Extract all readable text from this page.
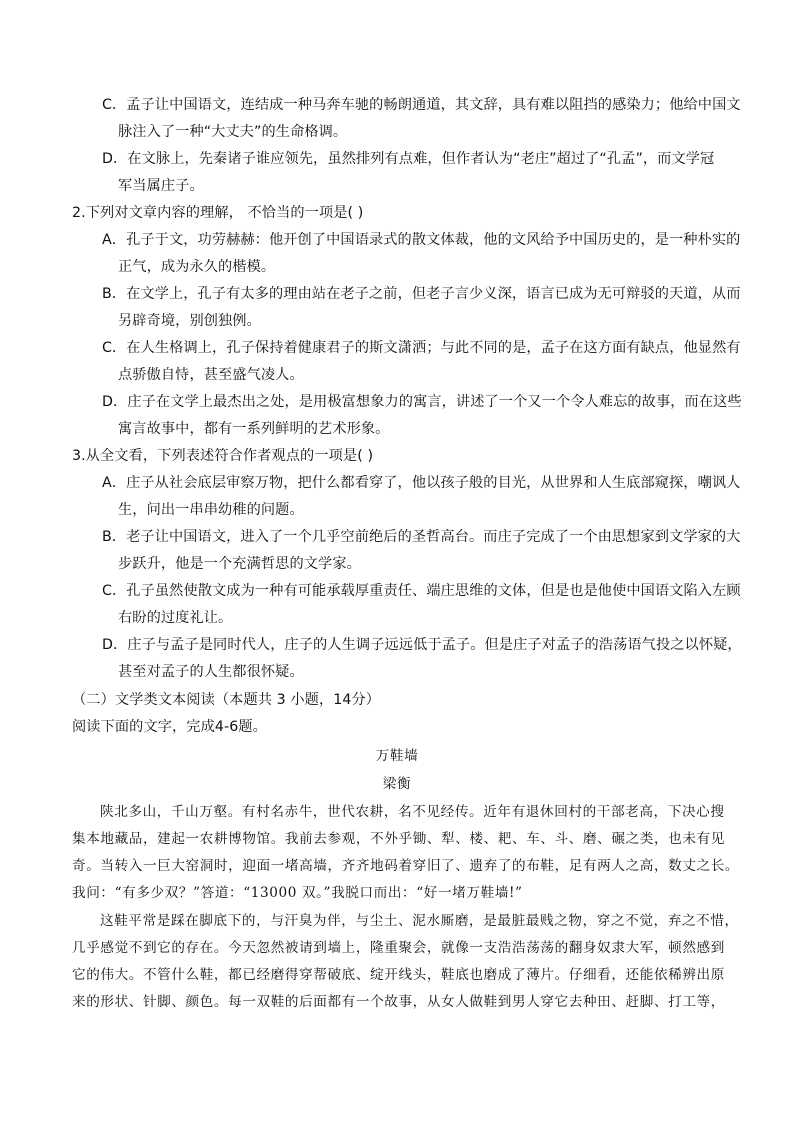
C．孟子让中国语文，连结成一种马奔车驰的畅朗通道，其文辞，具有难以阻挡的感染力；他给中国文
脉注入了一种“大丈夫”的生命格调。
D．在文脉上，先秦诸子谁应领先，虽然排列有点难，但作者认为“老庄”超过了“孔孟”，而文学冠
军当属庄子。
2.下列对文章内容的理解， 不恰当的一项是( )
A．孔子于文，功劳赫赫：他开创了中国语录式的散文体裁，他的文风给予中国历史的，是一种朴实的
正气，成为永久的楷模。
B．在文学上，孔子有太多的理由站在老子之前，但老子言少义深，语言已成为无可辩驳的天道，从而
另辟奇境，别创独例。
C．在人生格调上，孔子保持着健康君子的斯文潇洒；与此不同的是，孟子在这方面有缺点，他显然有
点骄傲自恃，甚至盛气凌人。
D．庄子在文学上最杰出之处，是用极富想象力的寓言，讲述了一个又一个令人难忘的故事，而在这些
寓言故事中，都有一系列鲜明的艺术形象。
3.从全文看，下列表述符合作者观点的一项是( )
A．庄子从社会底层审察万物，把什么都看穿了，他以孩子般的目光，从世界和人生底部窥探，嘲讽人
生，问出一串串幼稚的问题。
B．老子让中国语文，进入了一个几乎空前绝后的圣哲高台。而庄子完成了一个由思想家到文学家的大
步跃升，他是一个充满哲思的文学家。
C．孔子虽然使散文成为一种有可能承载厚重责任、端庄思维的文体，但是也是他使中国语文陷入左顾
右盼的过度礼让。
D．庄子与孟子是同时代人，庄子的人生调子远远低于孟子。但是庄子对孟子的浩荡语气投之以怀疑，
甚至对孟子的人生都很怀疑。
（二）文学类文本阅读（本题共 3 小题，14分）
阅读下面的文字，完成4-6题。
万鞋墙
梁衡
陕北多山，千山万壑。有村名赤牛，世代农耕，名不见经传。近年有退休回村的干部老高，下决心搜
集本地藏品，建起一农耕博物馆。我前去参观，不外乎锄、犁、楼、耙、车、斗、磨、碾之类，也未有见
奇。当转入一巨大窑洞时，迎面一堵高墙，齐齐地码着穿旧了、遗弃了的布鞋，足有两人之高，数丈之长。
我问：“有多少双？”答道：“13000 双。”我脱口而出：“好一堵万鞋墙!”
这鞋平常是踩在脚底下的，与汗臭为伴，与尘土、泥水厮磨，是最脏最贱之物，穿之不觉，弃之不惜，
几乎感觉不到它的存在。今天忽然被请到墙上，隆重聚会，就像一支浩浩荡荡的翻身奴隶大军，顿然感到
它的伟大。不管什么鞋，都已经磨得穿帮破底、绽开线头，鞋底也磨成了薄片。仔细看，还能依稀辨出原
来的形状、针脚、颜色。每一双鞋的后面都有一个故事，从女人做鞋到男人穿它去种田、赶脚、打工等，
